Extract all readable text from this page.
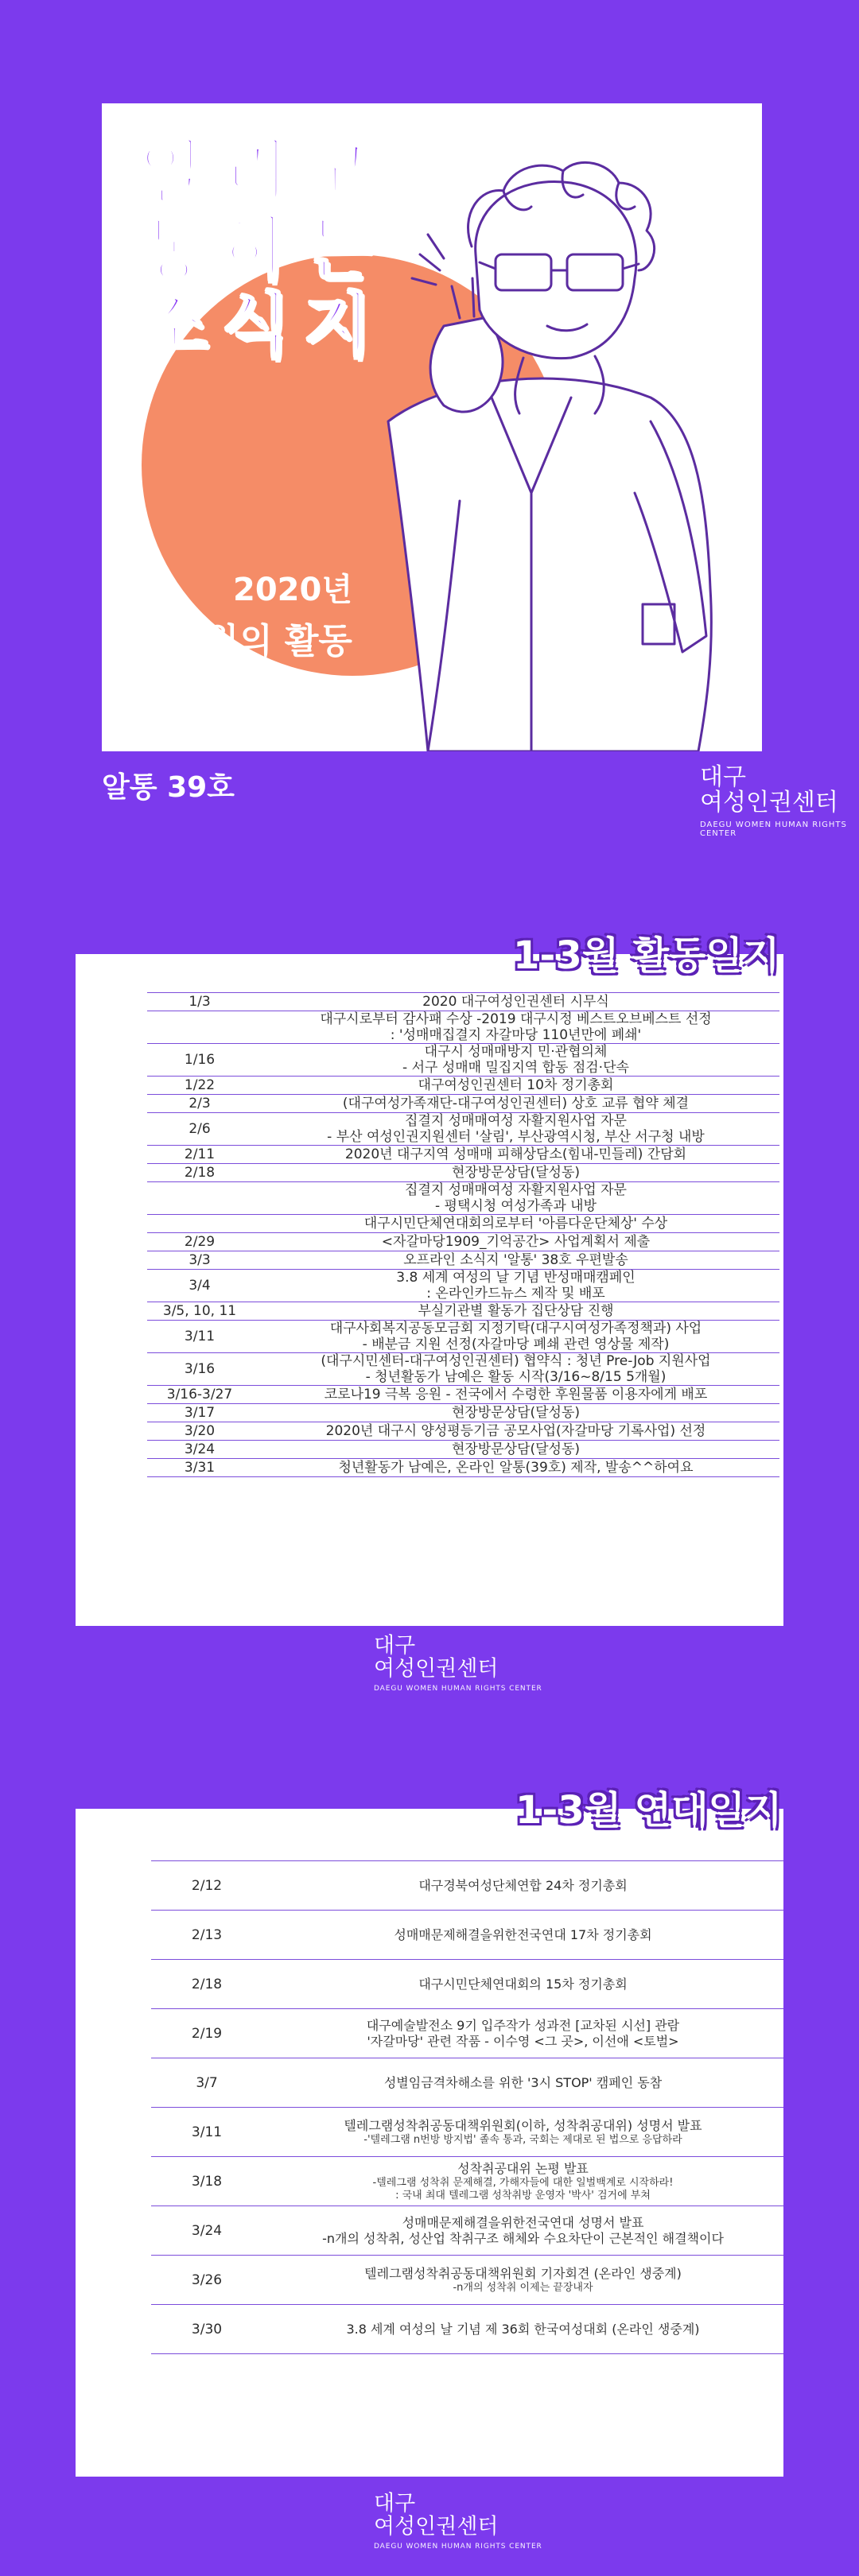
알리고
통하는
소식지
2020년
1-3월의 활동
알통 39호	대구
여성인권센터
DAEGU WOMEN HUMAN RIGHTS CENTER
1-3월 활동일지
1/3	2020 대구여성인권센터 시무식

	대구시로부터 감사패 수상 -2019 대구시정 베스트오브베스트 선정
: '성매매집결지 자갈마당 110년만에 폐쇄'

1/16	대구시 성매매방지 민·관협의체
- 서구 성매매 밀집지역 합동 점검·단속

1/22	대구여성인권센터 10차 정기총회

2/3	(대구여성가족재단-대구여성인권센터) 상호 교류 협약 체결

2/6	집결지 성매매여성 자활지원사업 자문
- 부산 여성인권지원센터 '살림', 부산광역시청, 부산 서구청 내방

2/11	2020년 대구지역 성매매 피해상담소(힘내-민들레) 간담회

2/18	현장방문상담(달성동)

	집결지 성매매여성 자활지원사업 자문
- 평택시청 여성가족과 내방

	대구시민단체연대회의로부터 '아름다운단체상' 수상

2/29	<자갈마당1909_기억공간> 사업계획서 제출

3/3	오프라인 소식지 '알통' 38호 우편발송

3/4	3.8 세계 여성의 날 기념 반성매매캠페인
: 온라인카드뉴스 제작 및 배포

3/5, 10, 11	부실기관별 활동가 집단상담 진행

3/11	대구사회복지공동모금회 지정기탁(대구시여성가족정책과) 사업
- 배분금 지원 선정(자갈마당 폐쇄 관련 영상물 제작)

3/16	(대구시민센터-대구여성인권센터) 협약식 : 청년 Pre-Job 지원사업
- 청년활동가 남예은 활동 시작(3/16~8/15 5개월)

3/16-3/27	코로나19 극복 응원 - 전국에서 수령한 후원물품 이용자에게 배포

3/17	현장방문상담(달성동)

3/20	2020년 대구시 양성평등기금 공모사업(자갈마당 기록사업) 선정

3/24	현장방문상담(달성동)

3/31	청년활동가 남예은, 온라인 알통(39호) 제작, 발송^^하여요
대구
여성인권센터
DAEGU WOMEN HUMAN RIGHTS CENTER
1-3월 연대일지
2/12	대구경북여성단체연합 24차 정기총회

2/13	성매매문제해결을위한전국연대 17차 정기총회

2/18	대구시민단체연대회의 15차 정기총회

2/19	대구예술발전소 9기 입주작가 성과전 [교차된 시선] 관람
'자갈마당' 관련 작품 - 이수영 <그 곳>, 이선애 <토벌>

3/7	성별임금격차해소를 위한 '3시 STOP' 캠페인 동참

3/11	텔레그램성착취공동대책위원회(이하, 성착취공대위) 성명서 발표
-'텔레그램 n번방 방지법' 졸속 통과, 국회는 제대로 된 법으로 응답하라

3/18	성착취공대위 논평 발표
-텔레그램 성착취 문제해결, 가해자들에 대한 일벌백계로 시작하라!
: 국내 최대 텔레그램 성착취방 운영자 '박사' 검거에 부쳐

3/24	성매매문제해결을위한전국연대 성명서 발표
-n개의 성착취, 성산업 착취구조 해체와 수요차단이 근본적인 해결책이다

3/26	텔레그램성착취공동대책위원회 기자회견 (온라인 생중계)
-n개의 성착취 이제는 끝장내자

3/30	3.8 세계 여성의 날 기념 제 36회 한국여성대회 (온라인 생중계)
대구
여성인권센터
DAEGU WOMEN HUMAN RIGHTS CENTER
